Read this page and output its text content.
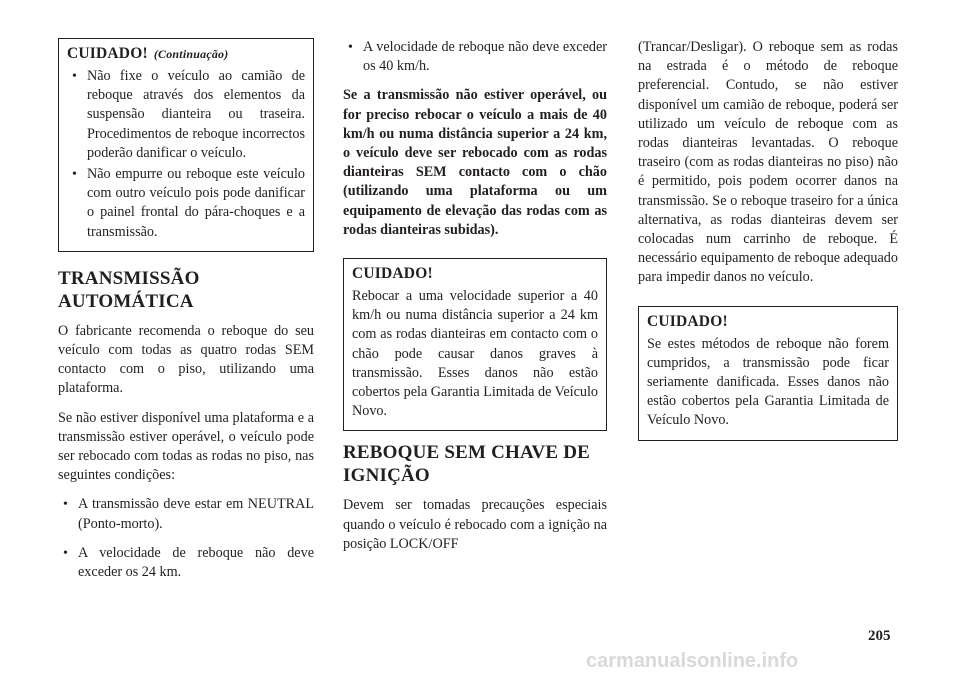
CUIDADO! (Continuação)
• Não fixe o veículo ao camião de reboque através dos elementos da suspensão dianteira ou traseira. Procedimentos de reboque incorrectos poderão danificar o veículo.
• Não empurre ou reboque este veículo com outro veículo pois pode danificar o painel frontal do pára-choques e a transmissão.
TRANSMISSÃO AUTOMÁTICA

O fabricante recomenda o reboque do seu veículo com todas as quatro rodas SEM contacto com o piso, utilizando uma plataforma.

Se não estiver disponível uma plataforma e a transmissão estiver operável, o veículo pode ser rebocado com todas as rodas no piso, nas seguintes condições:

• A transmissão deve estar em NEUTRAL (Ponto-morto).
• A velocidade de reboque não deve exceder os 24 km.
• A velocidade de reboque não deve exceder os 40 km/h.

Se a transmissão não estiver operável, ou for preciso rebocar o veículo a mais de 40 km/h ou numa distância superior a 24 km, o veículo deve ser rebocado com as rodas dianteiras SEM contacto com o chão (utilizando uma plataforma ou um equipamento de elevação das rodas com as rodas dianteiras subidas).

CUIDADO!

Rebocar a uma velocidade superior a 40 km/h ou numa distância superior a 24 km com as rodas dianteiras em contacto com o chão pode causar danos graves à transmissão. Esses danos não estão cobertos pela Garantia Limitada de Veículo Novo.

REBOQUE SEM CHAVE DE IGNIÇÃO

Devem ser tomadas precauções especiais quando o veículo é rebocado com a ignição na posição LOCK/OFF

(Trancar/Desligar). O reboque sem as rodas na estrada é o método de reboque preferencial. Contudo, se não estiver disponível um camião de reboque, poderá ser utilizado um veículo de reboque com as rodas dianteiras levantadas. O reboque traseiro (com as rodas dianteiras no piso) não é permitido, pois podem ocorrer danos na transmissão. Se o reboque traseiro for a única alternativa, as rodas dianteiras devem ser colocadas num carrinho de reboque. É necessário equipamento de reboque adequado para impedir danos no veículo.

CUIDADO!

Se estes métodos de reboque não forem cumpridos, a transmissão pode ficar seriamente danificada. Esses danos não estão cobertos pela Garantia Limitada de Veículo Novo.

205
carmanualsonline.info
